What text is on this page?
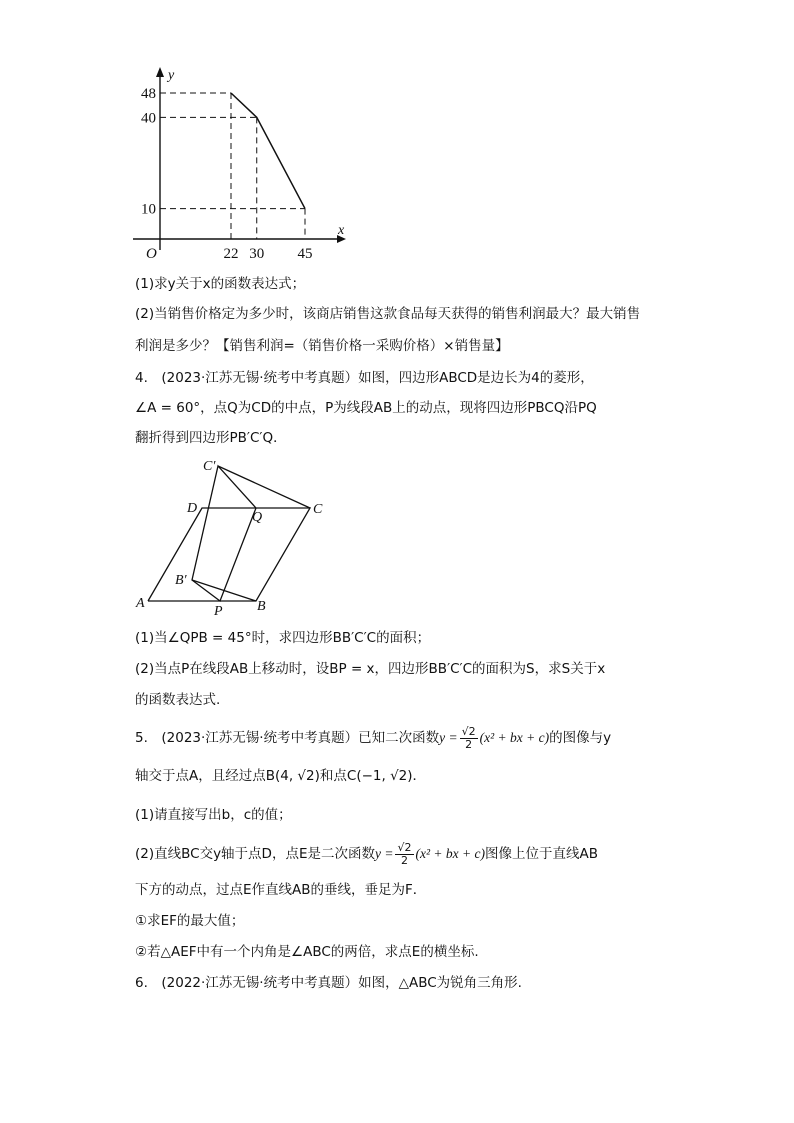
22 30 45
48
40
10
x
y
O
(1)求y关于x的函数表达式；
(2)当销售价格定为多少时，该商店销售这款食品每天获得的销售利润最大？最大销售
利润是多少？【销售利润=（销售价格一采购价格）×销售量】
4.　(2023·江苏无锡·统考中考真题）如图，四边形ABCD是边长为4的菱形，
∠A = 60°，点Q为CD的中点，P为线段AB上的动点，现将四边形PBCQ沿PQ
翻折得到四边形PB′C′Q．
C′
D
Q
C
B′
A
P B
(1)当∠QPB = 45°时，求四边形BB′C′C的面积；
(2)当点P在线段AB上移动时，设BP = x，四边形BB′C′C的面积为S，求S关于x
的函数表达式.
5.　(2023·江苏无锡·统考中考真题）已知二次函数$y = \frac{√2}{2} (x^2$ + bx + c)的图像与y
轴交于点A，且经过点B(4, √2)和点C(−1, √2)．
(1)请直接写出b，c的值；
(2)直线BC交y轴于点D，点E是二次函数$y = \frac{√2}{2} (x^2$ + bx + c)图像上位于直线AB
下方的动点，过点E作直线AB的垂线，垂足为F．
①求EF的最大值；
②若△AEF中有一个内角是∠ABC的两倍，求点E的横坐标.
6.　(2022·江苏无锡·统考中考真题）如图，△ABC为锐角三角形.
